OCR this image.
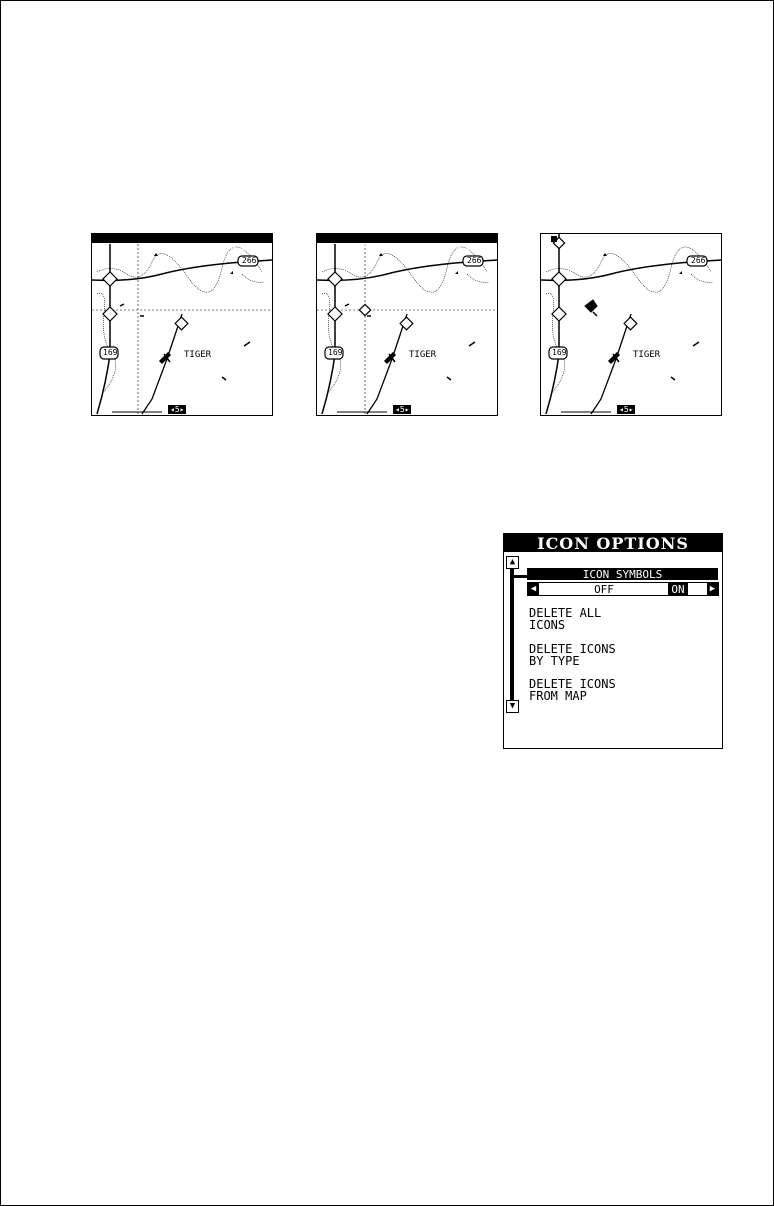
N  36°12.460' W  95°50.274'

169
266
TIGER
◂5▸

N  36°12.460' W  95°50.274'

169
266
TIGER
◂5▸
169
266
TIGER
◂5▸
ICON OPTIONS
▲
▼
ICON SYMBOLS
◀	OFF	ON	▶
DELETE ALL
ICONS
DELETE ICONS
BY TYPE
DELETE ICONS
FROM MAP
